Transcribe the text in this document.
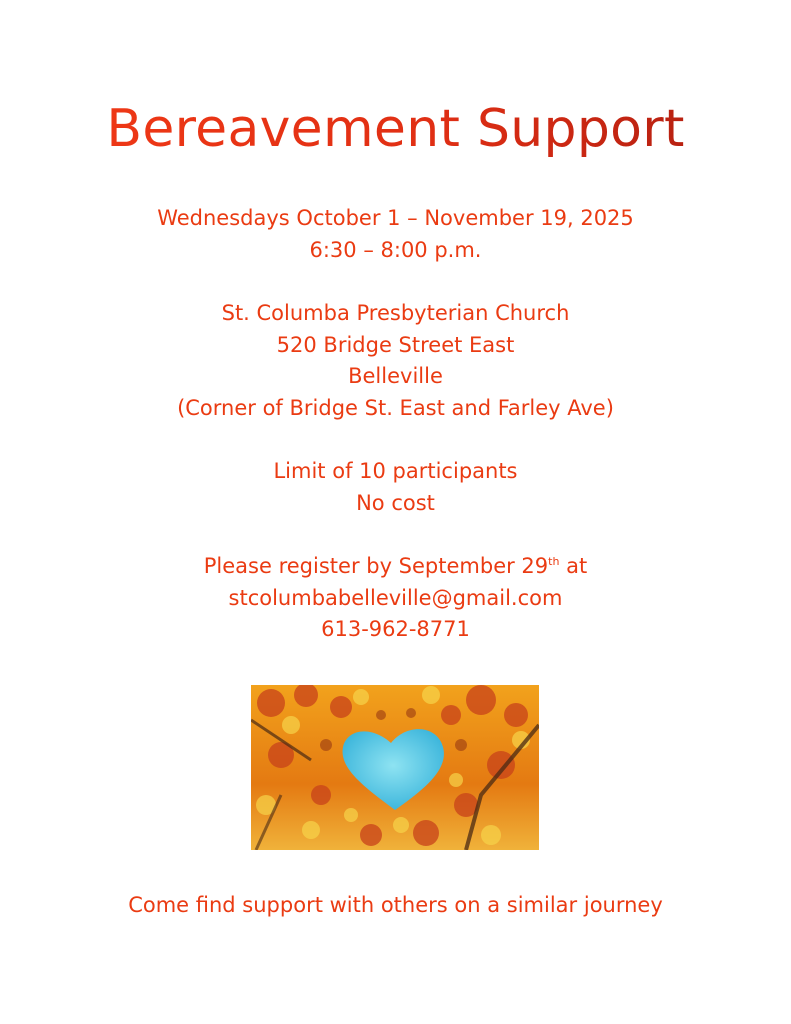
Bereavement Support
Wednesdays October 1 – November 19, 2025
6:30 – 8:00 p.m.
St. Columba Presbyterian Church
520 Bridge Street East
Belleville
(Corner of Bridge St. East and Farley Ave)
Limit of 10 participants
No cost
Please register by September 29th at
stcolumbabelleville@gmail.com
613-962-8771
Come find support with others on a similar journey
